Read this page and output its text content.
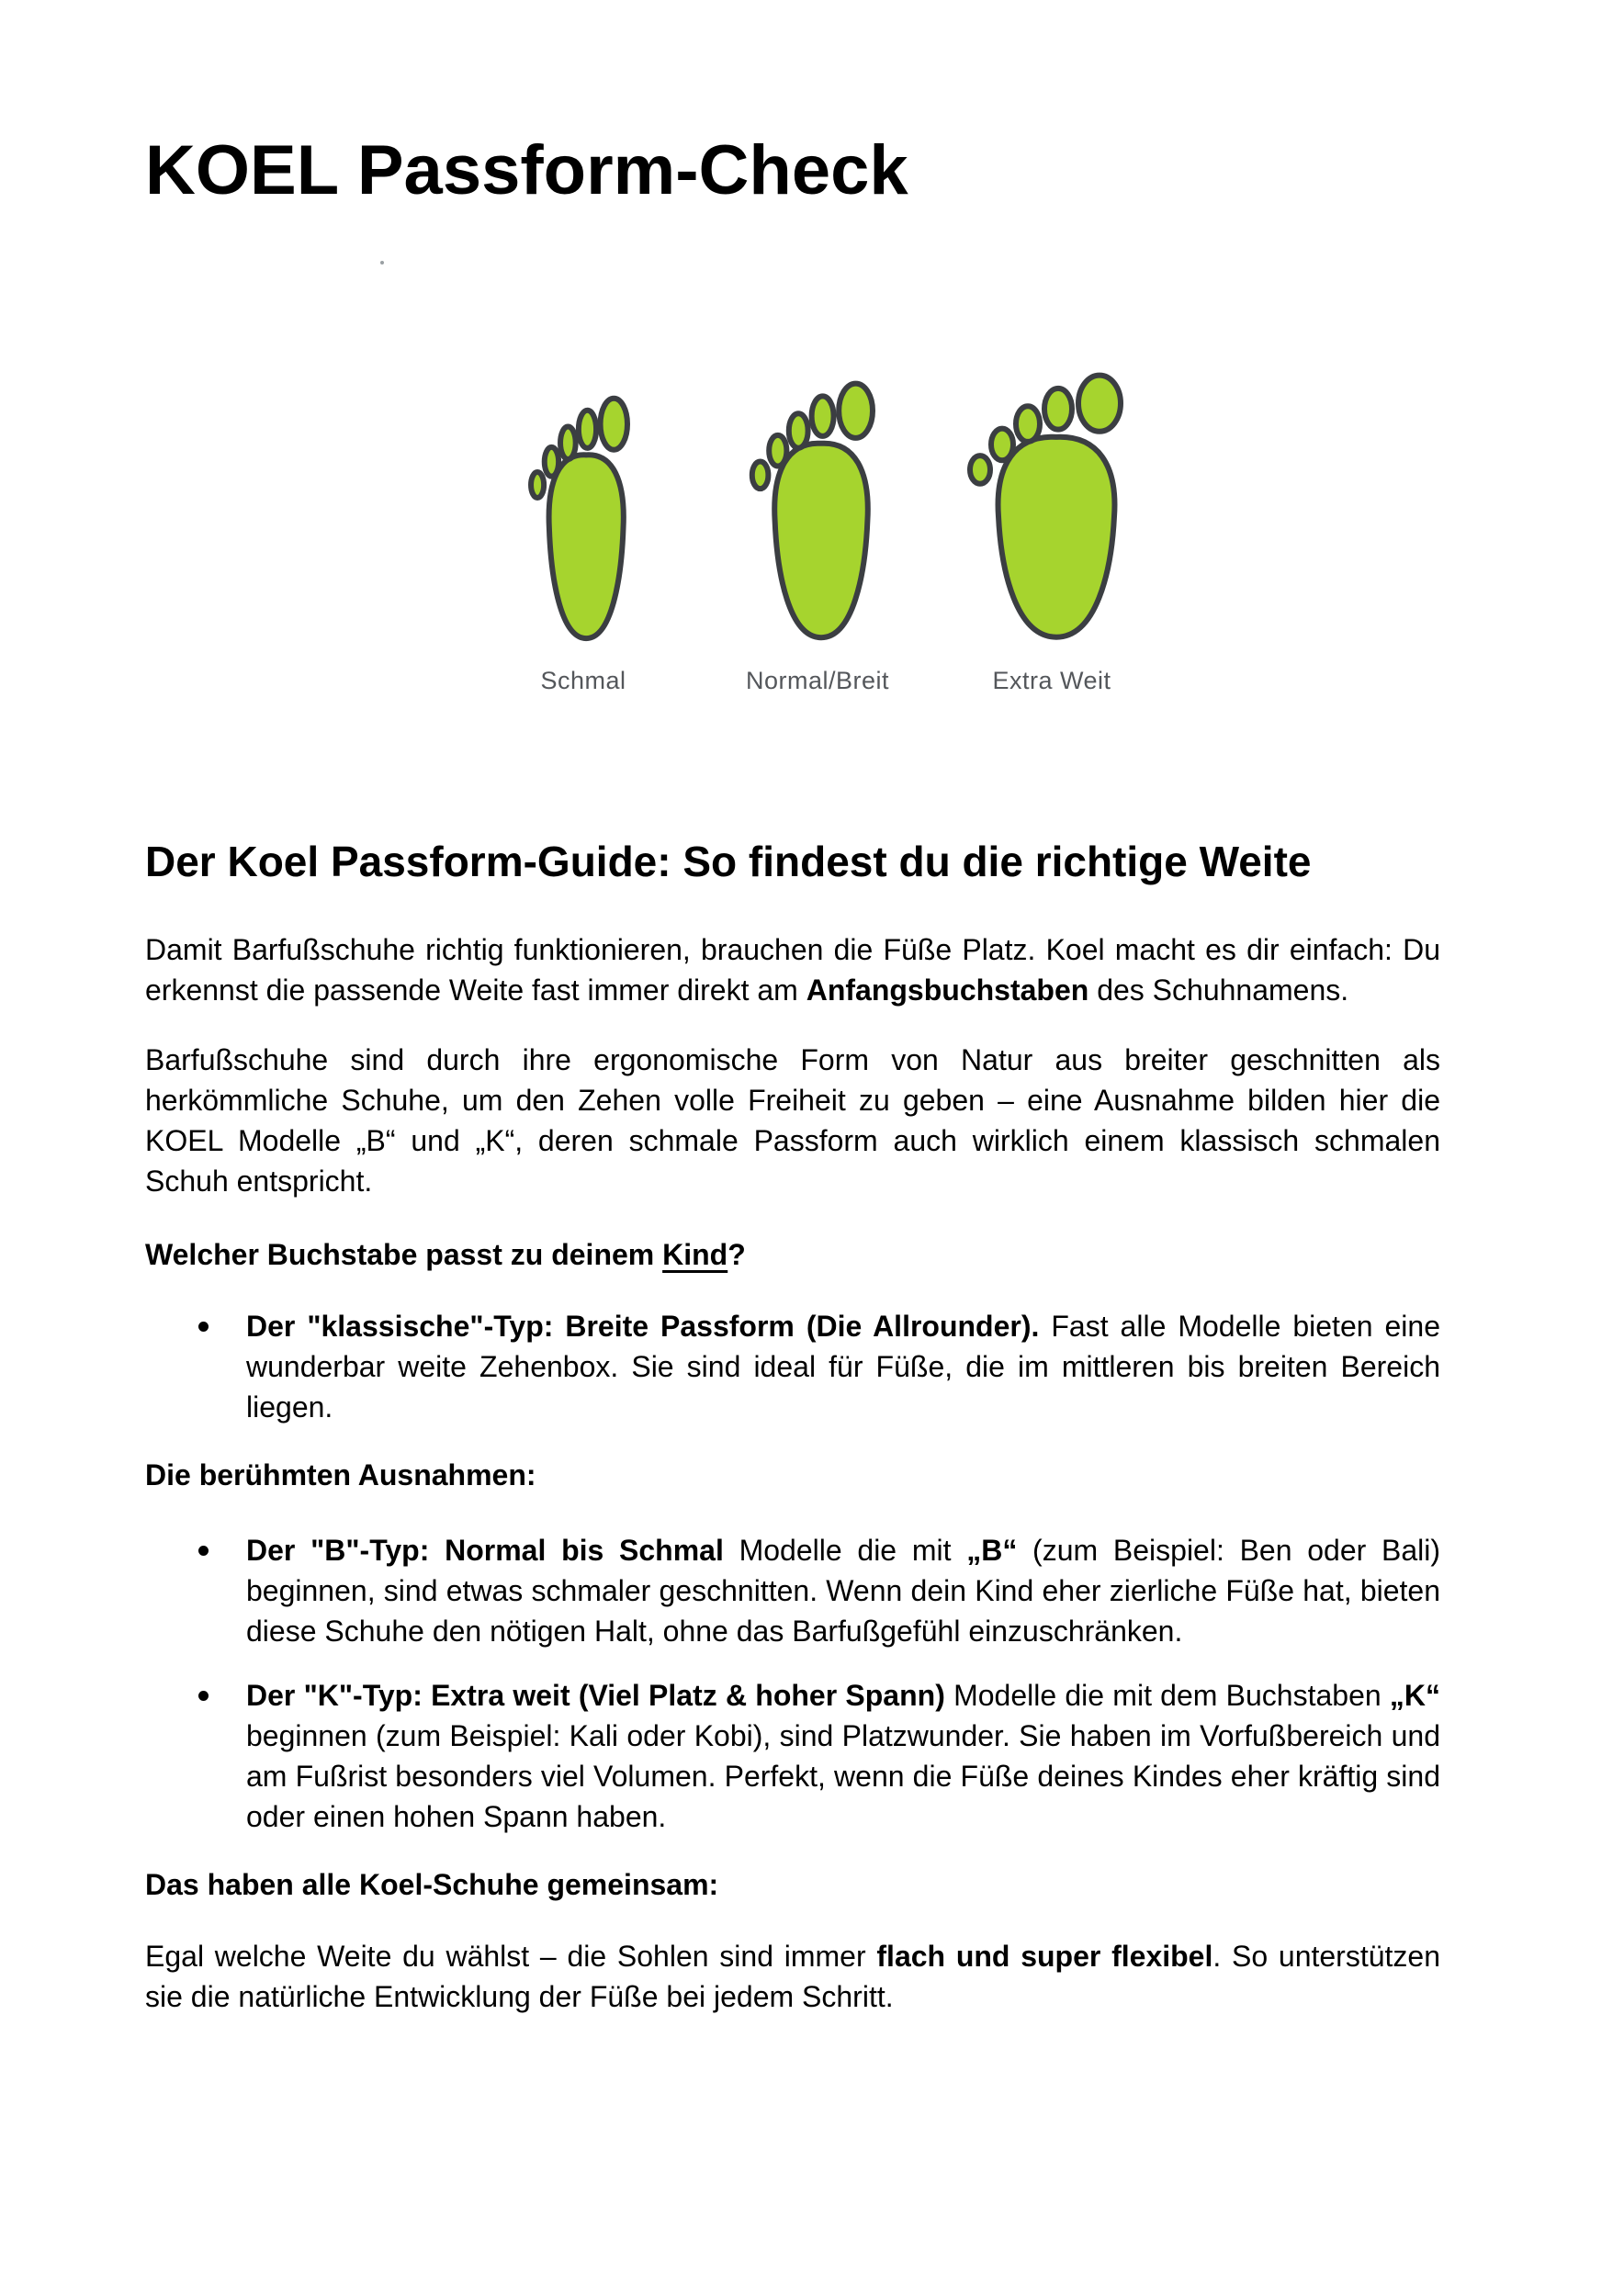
KOEL Passform-Check
Schmal	Normal/Breit	Extra Weit
Der Koel Passform-Guide: So findest du die richtige Weite

Damit Barfußschuhe richtig funktionieren, brauchen die Füße Platz. Koel macht es dir einfach: Du erkennst die passende Weite fast immer direkt am Anfangsbuchstaben des Schuhnamens.

Barfußschuhe sind durch ihre ergonomische Form von Natur aus breiter geschnitten als herkömmliche Schuhe, um den Zehen volle Freiheit zu geben – eine Ausnahme bilden hier die KOEL Modelle „B“ und „K“, deren schmale Passform auch wirklich einem klassisch schmalen Schuh entspricht.

Welcher Buchstabe passt zu deinem Kind?

Der "klassische"-Typ: Breite Passform (Die Allrounder). Fast alle Modelle bieten eine wunderbar weite Zehenbox. Sie sind ideal für Füße, die im mittleren bis breiten Bereich liegen.

Die berühmten Ausnahmen:

Der "B"-Typ: Normal bis Schmal Modelle die mit „B“ (zum Beispiel: Ben oder Bali) beginnen, sind etwas schmaler geschnitten. Wenn dein Kind eher zierliche Füße hat, bieten diese Schuhe den nötigen Halt, ohne das Barfußgefühl einzuschränken.
Der "K"-Typ: Extra weit (Viel Platz & hoher Spann) Modelle die mit dem Buchstaben „K“ beginnen (zum Beispiel: Kali oder Kobi), sind Platzwunder. Sie haben im Vorfußbereich und am Fußrist besonders viel Volumen. Perfekt, wenn die Füße deines Kindes eher kräftig sind oder einen hohen Spann haben.

Das haben alle Koel-Schuhe gemeinsam:

Egal welche Weite du wählst – die Sohlen sind immer flach und super flexibel. So unterstützen sie die natürliche Entwicklung der Füße bei jedem Schritt.
